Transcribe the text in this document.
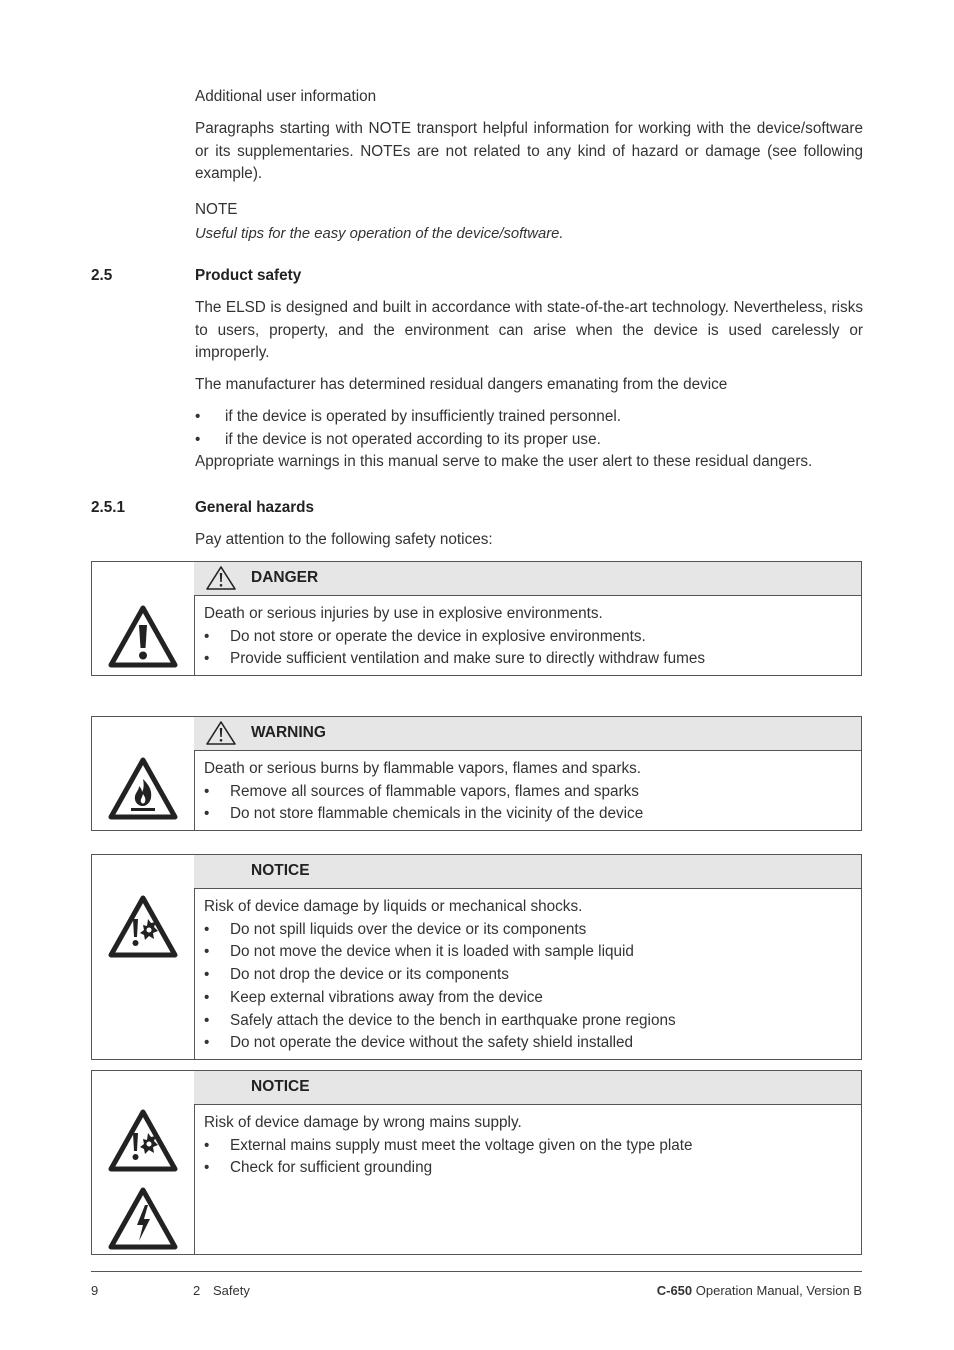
Additional user information
Paragraphs starting with NOTE transport helpful information for working with the device/software or its supplementaries. NOTEs are not related to any kind of hazard or damage (see following example).
NOTE
Useful tips for the easy operation of the device/software.
2.5	Product safety
The ELSD is designed and built in accordance with state-of-the-art technology. Nevertheless, risks to users, property, and the environment can arise when the device is used carelessly or improperly.
The manufacturer has determined residual dangers emanating from the device
• if the device is operated by insufficiently trained personnel.
• if the device is not operated according to its proper use.
Appropriate warnings in this manual serve to make the user alert to these residual dangers.
2.5.1	General hazards
Pay attention to the following safety notices:
DANGER
Death or serious injuries by use in explosive environments.
• Do not store or operate the device in explosive environments.
• Provide sufficient ventilation and make sure to directly withdraw fumes
WARNING
Death or serious burns by flammable vapors, flames and sparks.
• Remove all sources of flammable vapors, flames and sparks
• Do not store flammable chemicals in the vicinity of the device
NOTICE
Risk of device damage by liquids or mechanical shocks.
• Do not spill liquids over the device or its components
• Do not move the device when it is loaded with sample liquid
• Do not drop the device or its components
• Keep external vibrations away from the device
• Safely attach the device to the bench in earthquake prone regions
• Do not operate the device without the safety shield installed
NOTICE
Risk of device damage by wrong mains supply.
• External mains supply must meet the voltage given on the type plate
• Check for sufficient grounding
9	2 Safety	C-650 Operation Manual, Version B
